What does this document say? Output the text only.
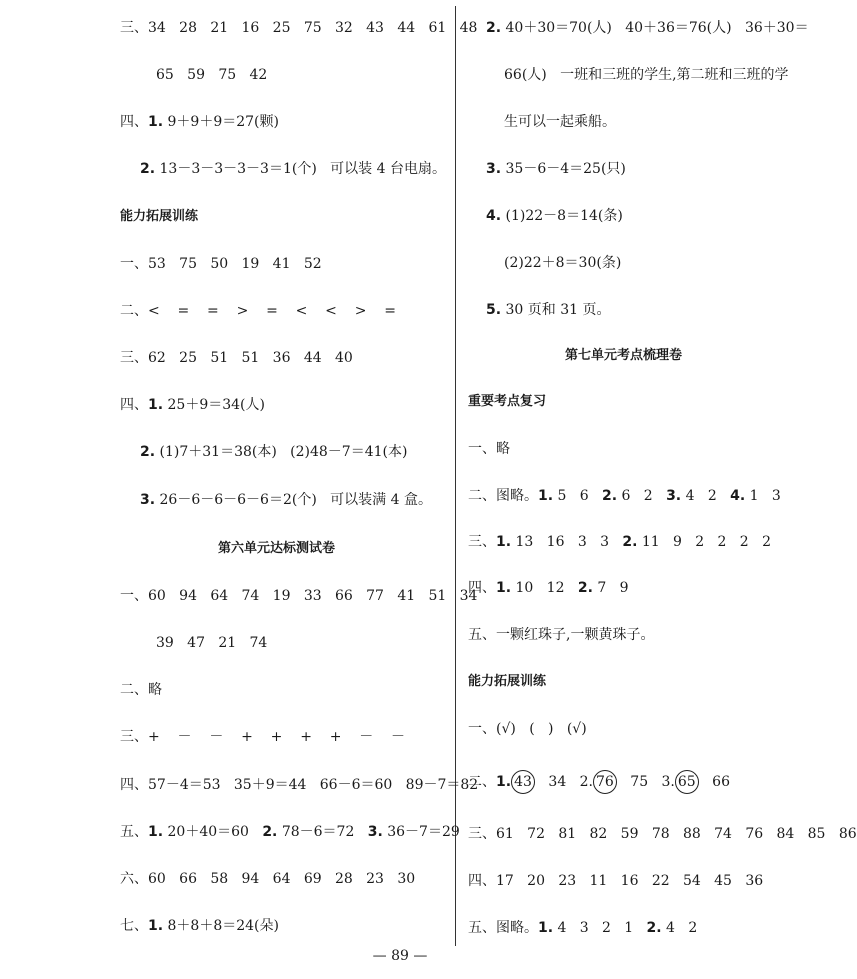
三、34   28   21   16   25   75   32   43   44   61   48
65   59   75   42
四、1. 9＋9＋9＝27(颗)
2. 13－3－3－3－3＝1(个)   可以装 4 台电扇。
能力拓展训练
一、53   75   50   19   41   52
二、<    =    =    >    =    <    <    >    =
三、62   25   51   51   36   44   40
四、1. 25＋9＝34(人)
2. (1)7＋31＝38(本)   (2)48－7＝41(本)
3. 26－6－6－6－6＝2(个)   可以装满 4 盒。
第六单元达标测试卷
一、60   94   64   74   19   33   66   77   41   51   34
39   47   21   74
二、略
三、+    －    －    +    +    +    +    －    －
四、57－4＝53   35＋9＝44   66－6＝60   89－7＝82
五、1. 20＋40＝60   2. 78－6＝72   3. 36－7＝29
六、60   66   58   94   64   69   28   23   30
七、1. 8＋8＋8＝24(朵)
2. 40＋30＝70(人)   40＋36＝76(人)   36＋30＝
66(人)   一班和三班的学生,第二班和三班的学
生可以一起乘船。
3. 35－6－4＝25(只)
4. (1)22－8＝14(条)
(2)22＋8＝30(条)
5. 30 页和 31 页。
第七单元考点梳理卷
重要考点复习
一、略
二、图略。1. 5   6   2. 6   2   3. 4   2   4. 1   3
三、1. 13   16   3   3   2. 11   9   2   2   2   2
四、1. 10   12   2. 7   9
五、一颗红珠子,一颗黄珠子。
能力拓展训练
一、(√)   (   )   (√)
二、1. 43   34   2. 76   75   3. 65   66
三、61   72   81   82   59   78   88   74   76   84   85   86
四、17   20   23   11   16   22   54   45   36
五、图略。1. 4   3   2   1   2. 4   2
— 89 —
